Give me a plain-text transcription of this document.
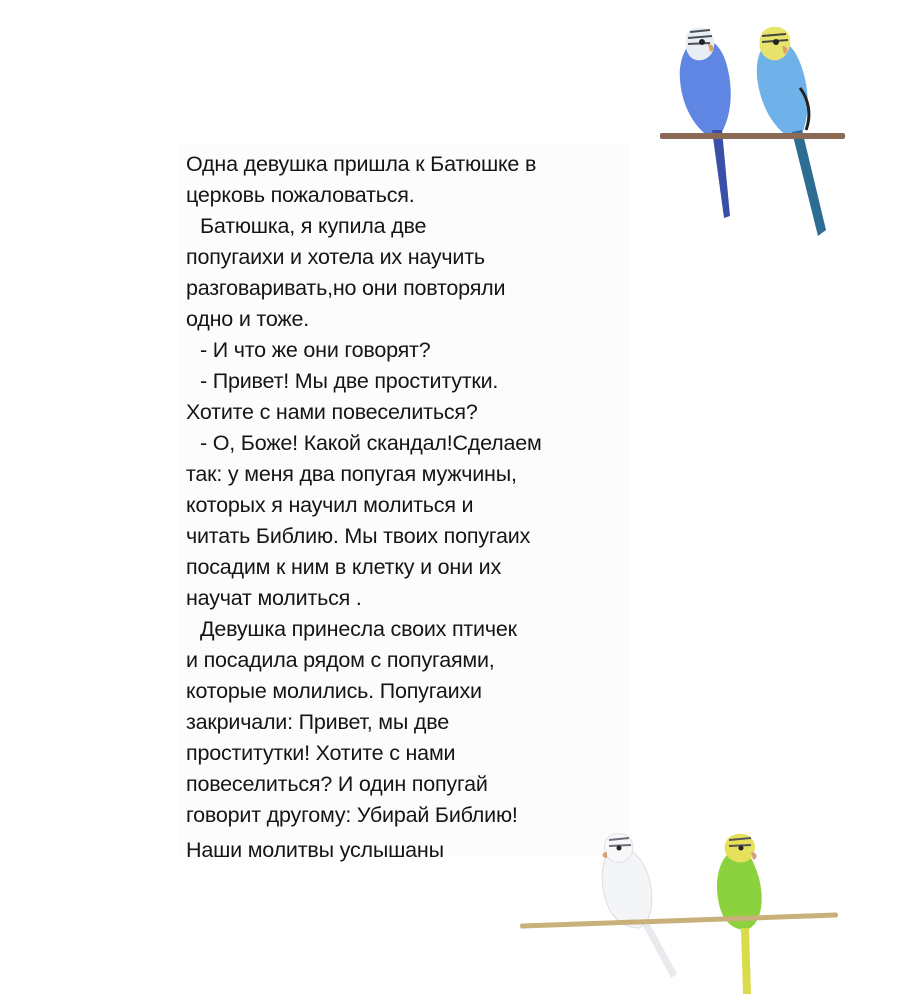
Одна девушка пришла к Батюшке в
церковь пожаловаться.
Батюшка, я купила две
попугаихи и хотела их научить
разговаривать,но они повторяли
одно и тоже.
- И что же они говорят?
- Привет! Мы две проститутки.
Хотите с нами повеселиться?
- О, Боже! Какой скандал!Сделаем
так: у меня два попугая мужчины,
которых я научил молиться и
читать Библию. Мы твоих попугаих
посадим к ним в клетку и они их
научат молиться .
Девушка принесла своих птичек
и посадила рядом с попугаями,
которые молились. Попугаихи
закричали: Привет, мы две
проститутки! Хотите с нами
повеселиться? И один попугай
говорит другому: Убирай Библию!
Наши молитвы услышаны
